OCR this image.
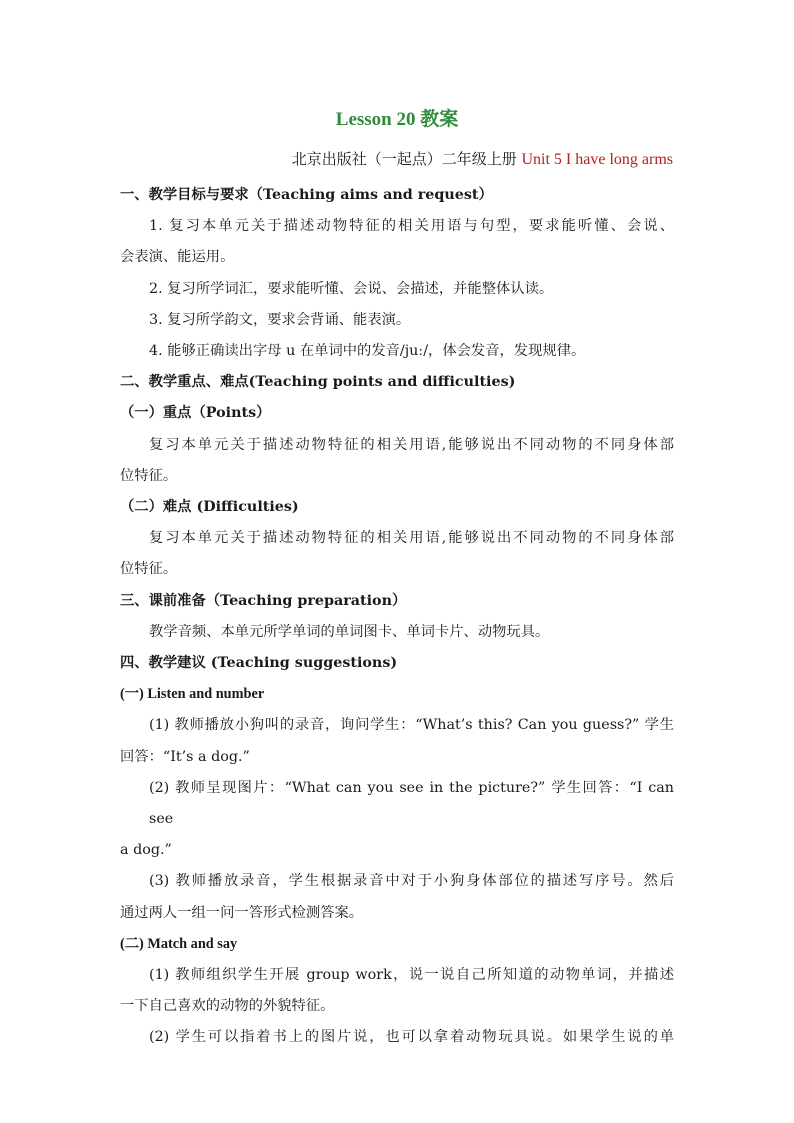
Lesson 20 教案
北京出版社（一起点）二年级上册 Unit 5 I have long arms

一、教学目标与要求（Teaching aims and request）

1. 复习本单元关于描述动物特征的相关用语与句型，要求能听懂、会说、

会表演、能运用。

2. 复习所学词汇，要求能听懂、会说、会描述，并能整体认读。

3. 复习所学韵文，要求会背诵、能表演。

4. 能够正确读出字母 u 在单词中的发音/juː/，体会发音，发现规律。

二、教学重点、难点(Teaching points and difficulties)

（一）重点（Points）

复习本单元关于描述动物特征的相关用语,能够说出不同动物的不同身体部

位特征。

（二）难点 (Difficulties)

复习本单元关于描述动物特征的相关用语,能够说出不同动物的不同身体部

位特征。

三、课前准备（Teaching preparation）

教学音频、本单元所学单词的单词图卡、单词卡片、动物玩具。

四、教学建议 (Teaching suggestions)

(一) Listen and number

(1) 教师播放小狗叫的录音，询问学生：“What’s this? Can you guess?” 学生

回答：“It’s a dog.”

(2) 教师呈现图片：“What can you see in the picture?” 学生回答：“I can see

a dog.”

(3) 教师播放录音，学生根据录音中对于小狗身体部位的描述写序号。然后

通过两人一组一问一答形式检测答案。

(二) Match and say

(1) 教师组织学生开展 group work，说一说自己所知道的动物单词，并描述

一下自己喜欢的动物的外貌特征。

(2) 学生可以指着书上的图片说，也可以拿着动物玩具说。如果学生说的单
